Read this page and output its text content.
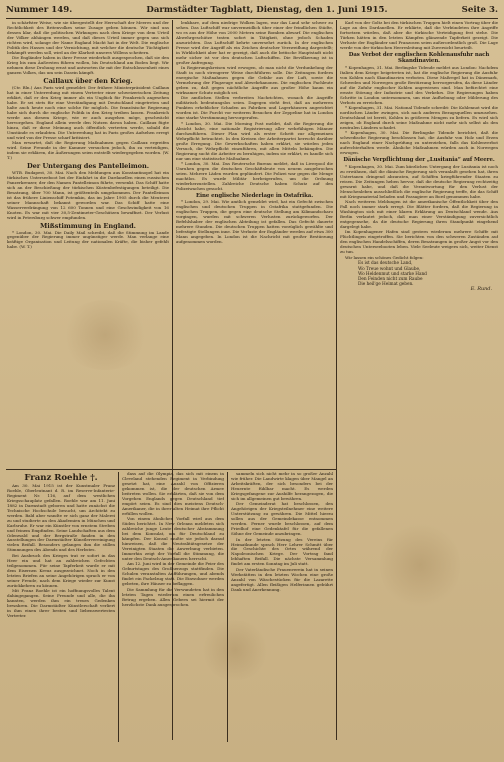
Nummer 149.	Darmstädter Tagblatt, Dienstag, den 1. Juni 1915.	Seite 3.

in schärfster Weise, wie sie übergestellt der Herrschaft der Meeres und der Rechtlichkeit des Britenvolkes seine Zusage geben können. Wir sind uns dessen klar, daß die politischen Wirkungen nach dem Kriege von dem Urteil der Völker abhängen werden, und daß dieses Urteil immer gegen uns sich richten wird, solange der Name England Macht hat in der Welt. Die englische Politik des Hasses und der Vernichtung, mit welcher die deutsche Tüchtigkeit bekämpft werden soll, wird an der Klarheit unseres Willens scheitern.

Die Engländer haben in ihrer Presse wiederholt ausgesprochen, daß sie den Krieg bis zum Äußersten führen wollen, bis Deutschland am Boden liegt. Wir nehmen diese Drohung ernst und antworten ihr mit der Entschlossenheit eines ganzen Volkes, das um sein Dasein kämpft.

Caillaux über den Krieg.

(Ctr. Bln.) Aus Paris wird gemeldet: Der frühere Ministerpräsident Caillaux hat in einer Unterredung mit einem Vertreter einer schweizerischen Zeitung erklärt, daß er den Krieg immer als ein Unglück für Frankreich angesehen habe. Er sei stets für eine Verständigung mit Deutschland eingetreten und halte auch heute noch eine solche für möglich. Die französische Regierung habe sich durch die englische Politik in den Krieg treiben lassen. Frankreich werde aus diesem Kriege, wie er auch ausgehen möge, geschwächt hervorgehen. England allein werde den Nutzen davon haben. Caillaux fügte hinzu, daß er diese Meinung auch öffentlich vertreten werde, sobald die Umstände es erlaubten. Die Unterredung hat in Paris großes Aufsehen erregt und wird von der Presse scharf kritisiert.

Man erwartet, daß die Regierung Maßnahmen gegen Caillaux ergreifen wird. Seine Freunde in der Kammer versuchen jedoch, ihn zu verteidigen, indem sie erklären, die Äußerungen seien entstellt wiedergegeben worden. (W. T.)

Der Untergang des Pantelleimon.

WTB. Budapest, 30. Mai. Nach den Meldungen aus Konstantinopel hat ein türkisches Unterseeboot bei der Einfahrt in die Dardanellen einen russischen Panzerkreuzer, der den Namen Pantelleimon führte, versenkt. Das Schiff hatte sich an der Beschießung der türkischen Küstenbefestigungen beteiligt. Die Besatzung, über 700 Mann, ist größtenteils umgekommen. Der Pantelleimon ist das frühere Linienschiff Potemkin, das im Jahre 1905 durch die Meuterei seiner Mannschaft bekannt geworden war. Das Schiff hatte eine Wasserverdrängung von 12 600 Tonnen und eine Geschwindigkeit von 16 Knoten. Es war mit vier 30,5-Zentimeter-Geschützen bewaffnet. Der Verlust wird in Petersburg schwer empfunden.

Mißstimmung in England.

* London, 30. Mai. Die Daily Mail schreibt, daß die Stimmung im Lande gegenüber der Regierung immer ungünstiger werde. Man verlange eine kräftige Organisation und Leitung der nationalen Kräfte, die bisher gefehlt habe. (W. T.)

lenkbare, auf dem niedrige Wolken lagen, war das Land sehr schwer zu sehen. Das Luftschiff war unvermeidlich über einer der feindlichen Städte, wo es aus der Höhe von 2000 Metern seine Bomben abwarf. Die englischen Abwehrgeschütze traten sofort in Tätigkeit, ohne jedoch Schaden anzurichten. Das Luftschiff kehrte unversehrt zurück. In der englischen Presse wird der Angriff als ein Zeichen deutscher Verzweiflung dargestellt; in Wirklichkeit aber hat er gezeigt, daß auch die britische Hauptstadt nicht mehr sicher ist vor den deutschen Luftschiffen. Die Bevölkerung ist in großer Aufregung.

In Regierungskreisen wird erwogen, ob man nicht die Verdunkelung der Stadt in noch strengerer Weise durchführen solle. Die Zeitungen fordern energische Maßnahmen gegen die Gefahr aus der Luft, sowie die Vermehrung der Flugzeuge und Abwehrkanonen. Die englischen Fachleute geben zu, daß gegen nächtliche Angriffe aus großer Höhe kaum ein wirksamer Schutz möglich sei.

Die amtlichen Stellen verbreiten Nachrichten, wonach die Angriffe militärisch bedeutungslos seien. Dagegen steht fest, daß an mehreren Punkten erheblicher Schaden an Fabriken und Lagerhäusern angerichtet worden ist. Die Furcht vor weiteren Besuchen der Zeppeline hat in London eine starke Verstimmung hervorgerufen.

* London, 30. Mai. Die Morning Post meldet, daß die Regierung die Absicht habe, eine nationale Registrierung aller wehrfähigen Männer durchzuführen. Dieser Plan wird als erster Schritt zur allgemeinen Wehrpflicht betrachtet. In den Kreisen der Arbeiterpartei herrscht darüber große Erregung. Die Gewerkschaften haben erklärt, sie würden jeden Versuch, die Wehrpflicht einzuführen, mit allen Mitteln bekämpfen. Die Regierung sucht die Arbeiter zu beruhigen, indem sie erklärt, es handle sich nur um eine statistische Maßnahme.

* London, 30. Mai. Das Reutersche Bureau meldet, daß in Liverpool die Unruhen gegen die deutschen Geschäftsleute von neuem ausgebrochen seien. Mehrere Läden wurden geplündert. Die Polizei war gegen die Menge machtlos. Es wurde Militär herbeigerufen, um die Ordnung wiederherzustellen. Zahlreiche Deutsche haben Schutz auf den Polizeiwachen gesucht.

Eine englische Niederlage in Ostafrika.

* London, 29. Mai. Wie amtlich gemeldet wird, hat ein Gefecht zwischen englischen und deutschen Truppen in Ostafrika stattgefunden. Die englischen Truppen, die gegen eine deutsche Stellung am Kilimandscharo vorgingen, wurden mit schweren Verlusten zurückgeworfen. Der Befehlshaber der englischen Abteilung ist gefallen. Das Gefecht dauerte mehrere Stunden. Die deutschen Truppen hatten vorzüglich gewählte und befestigte Stellungen inne. Die Verluste der Engländer werden auf etwa 300 Mann angegeben. In London ist die Nachricht mit großer Bestürzung aufgenommen worden.

Karl von der Goltz bei den türkischen Truppen hielt einen Vortrag über die Lage an den Dardanellen. Er erklärte, daß die Verbündeten ihre Angriffe fortsetzen würden, daß aber die türkische Verteidigung fest stehe. Die Türken hätten in den letzten Kämpfen glänzende Tapferkeit gezeigt. Die Verluste der Engländer und Franzosen seien außerordentlich groß. Die Lage werde von der türkischen Heeresleitung mit Zuversicht beurteilt.

Das Verbot der englischen Kohlenausfuhr nach Skandinavien.

* Kopenhagen, 31. Mai. Berlingske Tidende meldet aus London: Nachdem Italien dem Kriege beigetreten ist, hat die englische Regierung die Ausfuhr von Kohlen nach Skandinavien verboten. Diese Maßregel hat in Dänemark, Schweden und Norwegen große Bestürzung hervorgerufen, da diese Länder auf die Zufuhr englischer Kohlen angewiesen sind. Man befürchtet eine ernste Störung der Industrie und des Verkehrs. Die Regierungen haben Schritte in London unternommen, um eine Aufhebung oder Milderung des Verbots zu erreichen.

* Kopenhagen, 31. Mai. National Tidende schreibt: Die Kohlennot wird die nordischen Länder zwingen, sich nach anderen Bezugsquellen umzusehen. Deutschland ist bereit, Kohlen in größeren Mengen zu liefern. Es wird sich zeigen, ob England durch seine Maßnahme nicht mehr sich selbst als den neutralen Ländern schadet.

* Kopenhagen, 30. Mai. Die Berlingske Tidende berichtet, daß die schwedische Regierung beschlossen hat, die Ausfuhr von Holz und Erzen nach England einer Nachprüfung zu unterziehen, falls das Kohlenverbot aufrechterhalten werde. Ähnliche Maßnahmen würden auch in Norwegen erwogen.

Dänische Verpflichtung der „Lusitania“ auf Meere.

* Kopenhagen, 30. Mai. Zum kürzlichen Untergang der Lusitania ist noch zu erwähnen, daß die dänische Regierung sich veranlaßt gesehen hat, ihren Untertanen dringend abzuraten, auf Schiffen kriegführender Staaten zu reisen. Die Zeitungen heben hervor, daß die deutsche Regierung rechtzeitig gewarnt habe, und daß die Verantwortung für den Verlust der Menschenleben ausschließlich die englische Regierung treffe, die das Schiff mit Kriegsmaterial beladen und Passagiere an Bord genommen habe.

Nach weiteren Meldungen ist die amerikanische Öffentlichkeit über den Fall noch immer stark erregt. Die Blätter fordern, daß die Regierung in Washington sich mit einer klaren Erklärung an Deutschland wende. Aus Berlin verlautet jedoch, daß man einer Verständigung zuversichtlich entgegensehe, da die deutsche Regierung ihren Standpunkt eingehend dargelegt habe.

Im Kopenhagener Hafen sind gestern wiederum mehrere Schiffe mit Flüchtlingen eingetroffen. Sie berichten von den schweren Zuständen auf den englischen Handelsschiffen, deren Besatzungen in großer Angst vor den deutschen Unterseebooten leben. Viele Seeleute weigern sich, weiter Dienst zu tun.

Wir lassen ein schönes Gedicht folgen:

Es ist das deutsche Land,
Wo Treue wohnt und Glaube,
Wo Heldenmut und starke Hand
Den Feinden nicht zum Raube
Die heil'ge Heimat geben.
E. Rund.
Franz Roehle †.

Am 30. Mai 1915 ist der Kunstmaler Franz Roehle, Oberleutnant d. R. im Reserve-Infanterie-Regiment Nr. 116, auf dem westlichen Kriegsschauplatz gefallen. Roehle war am 11. Juni 1882 in Darmstadt geboren und hatte zunächst die Technische Hochschule besucht, um Architekt zu werden. Bald aber wandte er sich ganz der Malerei zu und studierte an den Akademien in München und Karlsruhe. Er war ein Künstler von ernstem Streben und feinem Empfinden. Seine Landschaften aus dem Odenwald und der Bergstraße fanden in den Ausstellungen der Darmstädter Künstlervereinigung vielen Beifall. Besonders gelangen ihm die stillen Stimmungen des Abends und des Herbstes.

Bei Ausbruch des Krieges trat er sofort in das Heer ein und hat an zahlreichen Gefechten teilgenommen. Für seine Tapferkeit wurde er mit dem Eisernen Kreuz ausgezeichnet. Noch in den letzten Briefen an seine Angehörigen sprach er von seiner Freude, nach dem Kriege wieder zur Kunst zurückkehren zu können.

Mit Franz Roehle ist ein hoffnungsvolles Talent dahingegangen. Seine Freunde und alle, die ihn kannten, werden ihm ein treues Gedenken bewahren. Die Darmstädter Künstlerschaft verliert in ihm einen ihrer besten und liebenswertesten Vertreter.

dass auf die Olympia, das sich mit einem in Cleveland stehenden Regiment in Verbindung gesetzt hat, eine Anzahl von Offizieren gekommen ist, die der deutschen Armee beitreten wollen. Sie erklärten, daß sie von dem Vorgehen Englands gegen Deutschland tief empört seien. Es sind dies meistens Deutsch-Amerikaner, die in ihrer alten Heimat ihre Pflicht erfüllen wollen.

Von einem ähnlichen Vorfall wird aus dem Süden berichtet. In New Orleans meldeten sich zahlreiche junge Leute deutscher Abstammung bei dem Konsulat, um für Deutschland zu kämpfen. Der Konsul mußte sie jedoch darauf hinweisen, daß die Neutralitätsgesetze der Vereinigten Staaten die Anwerbung verbieten. Immerhin zeigt der Vorfall die Stimmung, die unter den Deutsch-Amerikanern herrscht.

Am 12. Juni wird in der Gemeinde die Feier des Geburtstages des Großherzogs stattfinden. Die Schulen veranstalten Aufführungen, und abends findet ein Fackelzug statt. Die Einwohner werden gebeten, ihre Häuser zu beflaggen.

Die Sammlung für die Verwundeten hat in den letzten Tagen wiederum einen erfreulichen Betrag ergeben. Allen Gebern sei hiermit der herzlichste Dank ausgesprochen.

sammeln sich nicht mehr in so großer Anzahl wie früher. Die Landwirte klagen über Mangel an Arbeitskräften, der sich besonders bei der Heuernte fühlbar macht. Es werden Kriegsgefangene zur Aushilfe herangezogen, die sich im allgemeinen gut bewähren.

Der Gemeinderat hat beschlossen, den Angehörigen der Kriegsteilnehmer eine weitere Unterstützung zu gewähren. Die Mittel hierzu sollen aus der Gemeindekasse entnommen werden. Ferner wurde beschlossen, auf dem Friedhof eine Gedenktafel für die gefallenen Söhne der Gemeinde anzubringen.

In der letzten Sitzung des Vereins für Heimatkunde sprach Herr Lehrer Schmitt über die Geschichte des Ortes während der Napoleonischen Kriege. Der Vortrag fand lebhaften Beifall. Die nächste Versammlung findet am ersten Sonntag im Juli statt.

Der Vaterländische Frauenverein hat in seinen Werkstätten in den letzten Wochen eine große Anzahl von Wäschestücken für die Lazarette angefertigt. Allen fleißigen Helferinnen gebührt Dank und Anerkennung.
